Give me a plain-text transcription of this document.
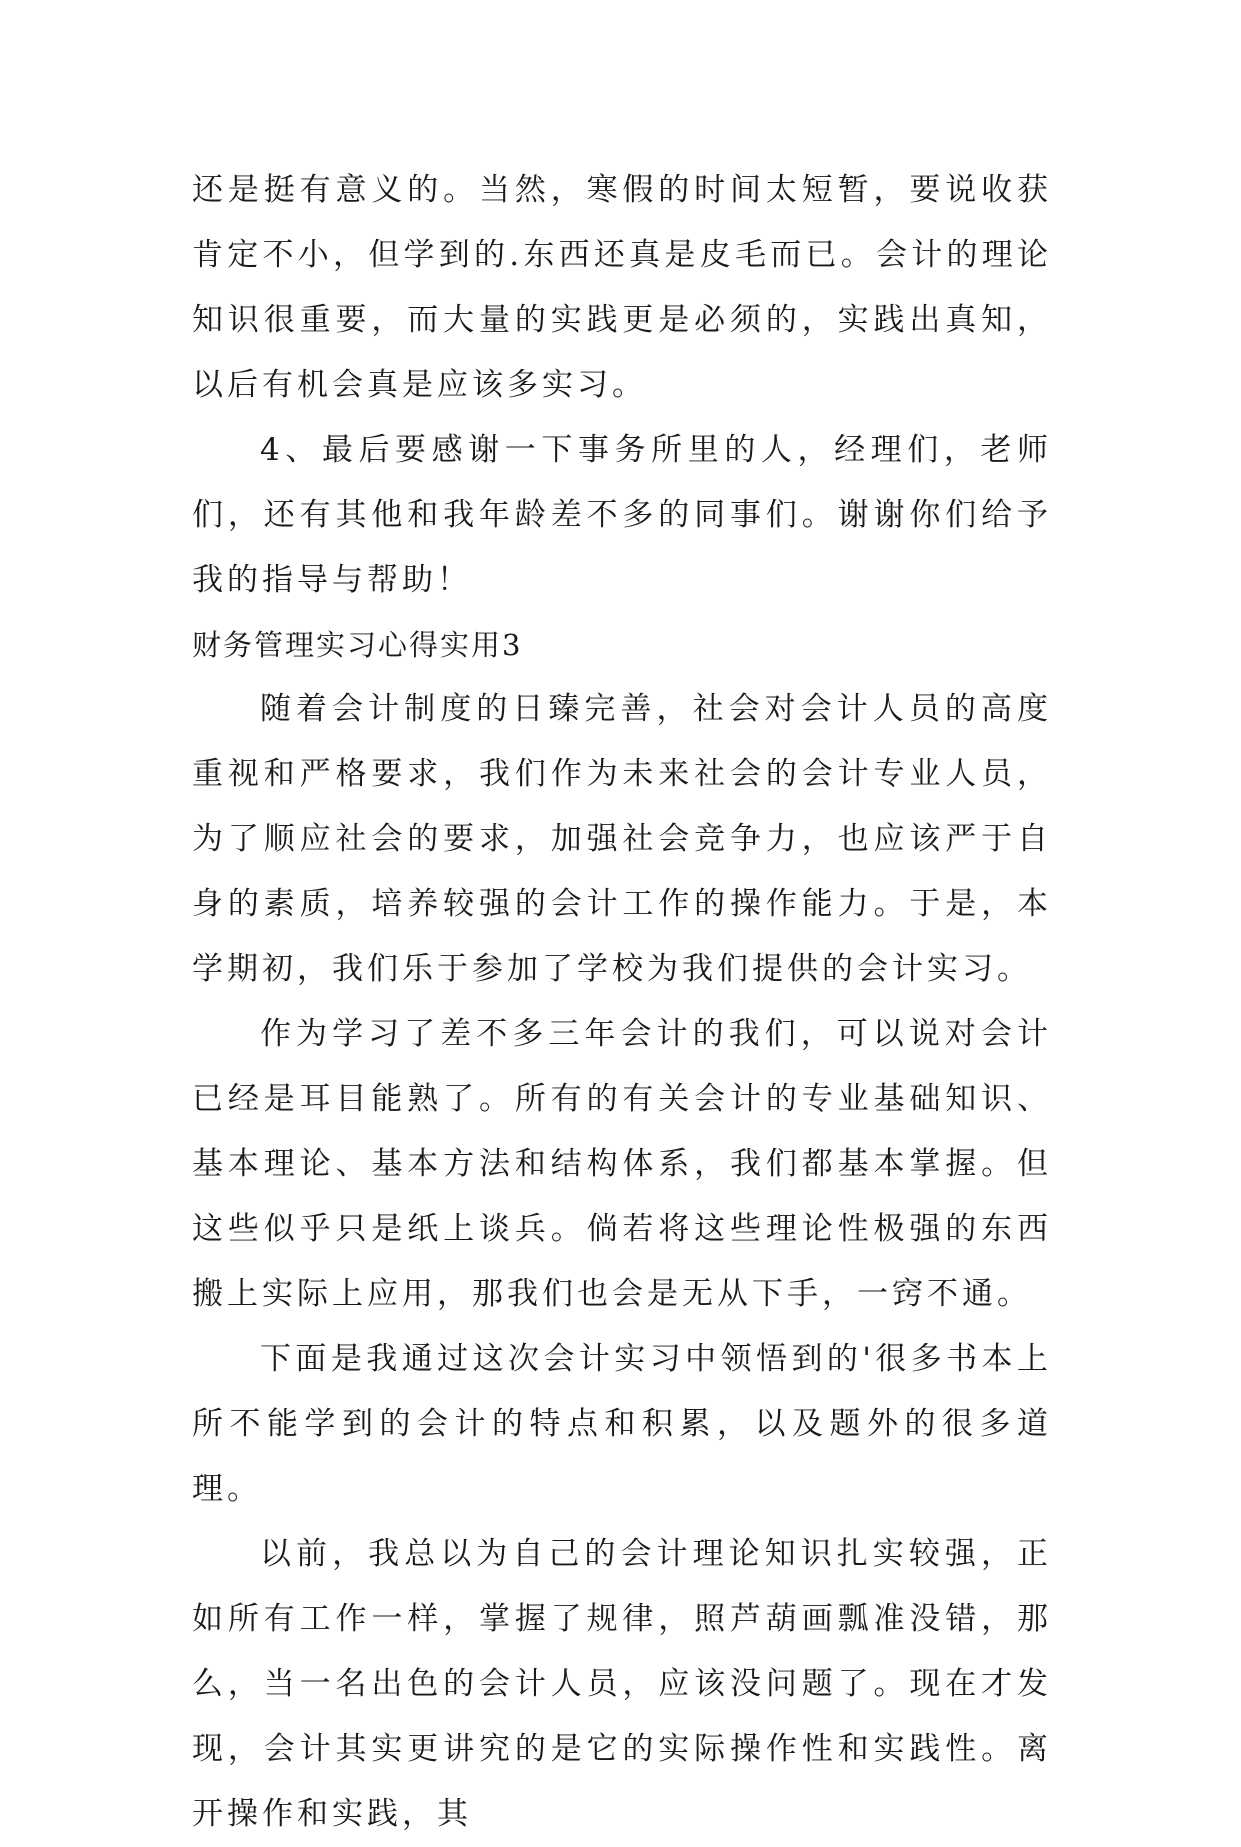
还是挺有意义的。当然，寒假的时间太短暂，要说收获肯定不小，但学到的.东西还真是皮毛而已。会计的理论知识很重要，而大量的实践更是必须的，实践出真知，以后有机会真是应该多实习。

4、最后要感谢一下事务所里的人，经理们，老师们，还有其他和我年龄差不多的同事们。谢谢你们给予我的指导与帮助！

财务管理实习心得实用3

随着会计制度的日臻完善，社会对会计人员的高度重视和严格要求，我们作为未来社会的会计专业人员，为了顺应社会的要求，加强社会竞争力，也应该严于自身的素质，培养较强的会计工作的操作能力。于是，本学期初，我们乐于参加了学校为我们提供的会计实习。

作为学习了差不多三年会计的我们，可以说对会计已经是耳目能熟了。所有的有关会计的专业基础知识、基本理论、基本方法和结构体系，我们都基本掌握。但这些似乎只是纸上谈兵。倘若将这些理论性极强的东西搬上实际上应用，那我们也会是无从下手，一窍不通。

下面是我通过这次会计实习中领悟到的'很多书本上所不能学到的会计的特点和积累，以及题外的很多道理。

以前，我总以为自己的会计理论知识扎实较强，正如所有工作一样，掌握了规律，照芦葫画瓢准没错，那么，当一名出色的会计人员，应该没问题了。现在才发现，会计其实更讲究的是它的实际操作性和实践性。离开操作和实践，其
